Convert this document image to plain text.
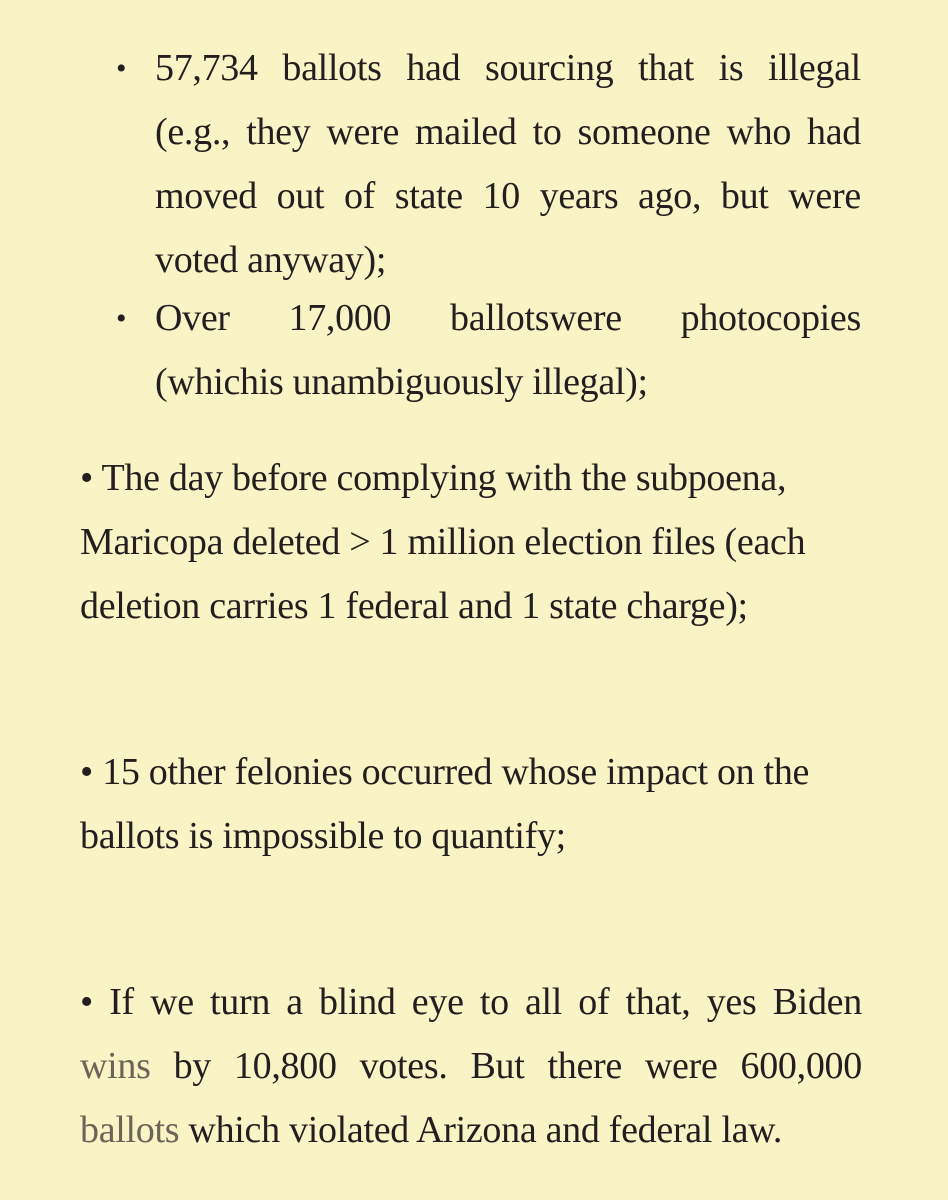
• 57,734 ballots had sourcing that is illegal
(e.g., they were mailed to someone who had
moved out of state 10 years ago, but were
voted anyway);
• Over 17,000 ballotswere photocopies
(whichis unambiguously illegal);
• The day before complying with the subpoena,
Maricopa deleted > 1 million election files (each
deletion carries 1 federal and 1 state charge);
• 15 other felonies occurred whose impact on the
ballots is impossible to quantify;
• If we turn a blind eye to all of that, yes Biden
wins by 10,800 votes. But there were 600,000
ballots which violated Arizona and federal law.
